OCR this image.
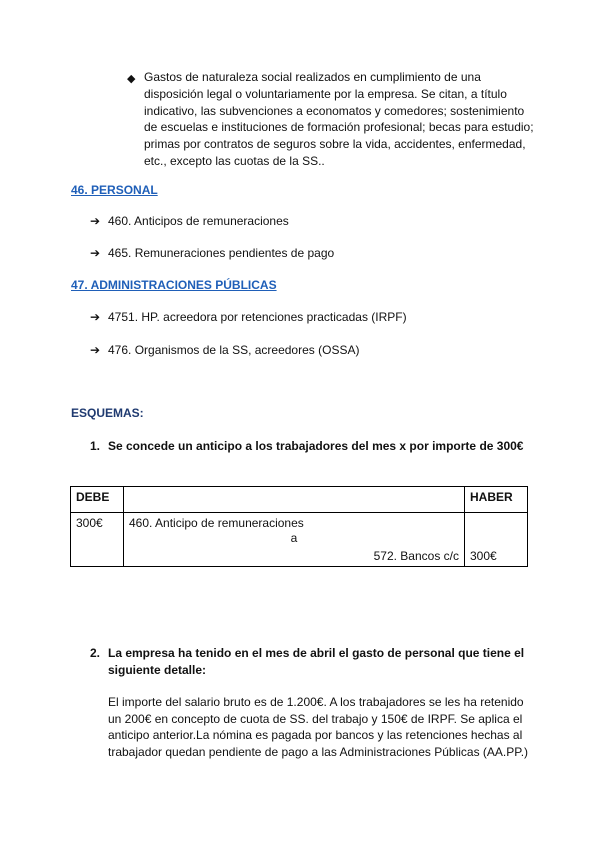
◆ Gastos de naturaleza social realizados en cumplimiento de una disposición legal o voluntariamente por la empresa. Se citan, a título indicativo, las subvenciones a economatos y comedores; sostenimiento de escuelas e instituciones de formación profesional; becas para estudio; primas por contratos de seguros sobre la vida, accidentes, enfermedad, etc., excepto las cuotas de la SS..
46. PERSONAL
➔ 460. Anticipos de remuneraciones
➔ 465. Remuneraciones pendientes de pago
47. ADMINISTRACIONES PÚBLICAS
➔ 4751. HP. acreedora por retenciones practicadas (IRPF)
➔ 476. Organismos de la SS, acreedores (OSSA)
ESQUEMAS:
1. Se concede un anticipo a los trabajadores del mes x por importe de 300€
DEBE		HABER
300€	460. Anticipo de remuneraciones
a
572. Bancos c/c	300€
2. La empresa ha tenido en el mes de abril el gasto de personal que tiene el
siguiente detalle:
El importe del salario bruto es de 1.200€. A los trabajadores se les ha retenido un 200€ en concepto de cuota de SS. del trabajo y 150€ de IRPF. Se aplica el anticipo anterior.La nómina es pagada por bancos y las retenciones hechas al trabajador quedan pendiente de pago a las Administraciones Públicas (AA.PP.)
